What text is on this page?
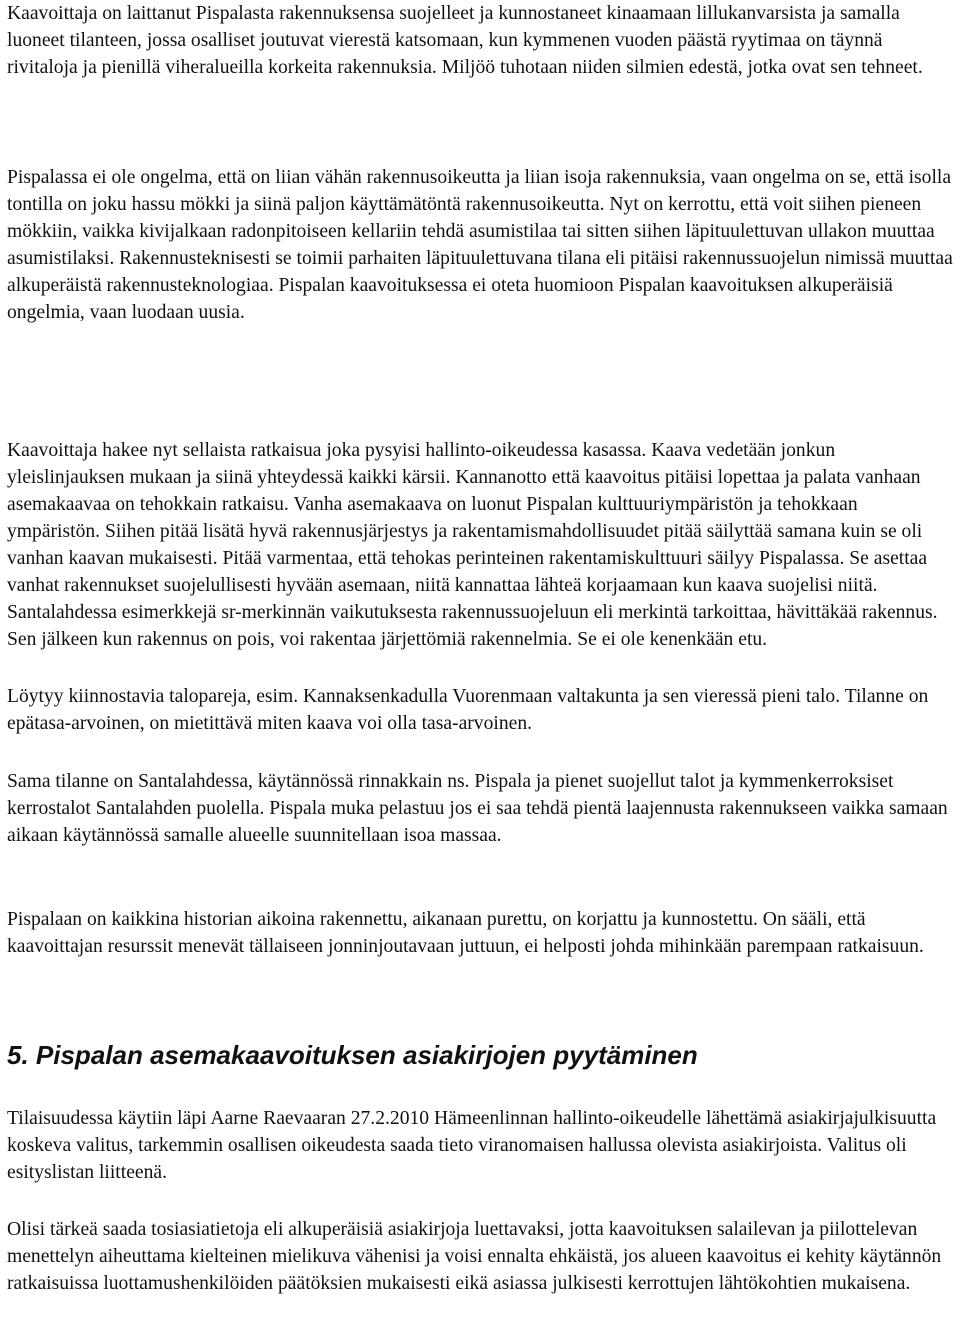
Kaavoittaja on laittanut Pispalasta rakennuksensa suojelleet ja kunnostaneet kinaamaan lillukanvarsista ja samalla luoneet tilanteen, jossa osalliset joutuvat vierestä katsomaan, kun kymmenen vuoden päästä ryytimaa on täynnä rivitaloja ja pienillä viheralueilla korkeita rakennuksia. Miljöö tuhotaan niiden silmien edestä, jotka ovat sen tehneet.

Pispalassa ei ole ongelma, että on liian vähän rakennusoikeutta ja liian isoja rakennuksia, vaan ongelma on se, että isolla tontilla on joku hassu mökki ja siinä paljon käyttämätöntä rakennusoikeutta. Nyt on kerrottu, että voit siihen pieneen mökkiin, vaikka kivijalkaan radonpitoiseen kellariin tehdä asumistilaa tai sitten siihen läpituulettuvan ullakon muuttaa asumistilaksi. Rakennusteknisesti se toimii parhaiten läpituulettuvana tilana eli pitäisi rakennussuojelun nimissä muuttaa alkuperäistä rakennusteknologiaa. Pispalan kaavoituksessa ei oteta huomioon Pispalan kaavoituksen alkuperäisiä ongelmia, vaan luodaan uusia.

Kaavoittaja hakee nyt sellaista ratkaisua joka pysyisi hallinto-oikeudessa kasassa. Kaava vedetään jonkun yleislinjauksen mukaan ja siinä yhteydessä kaikki kärsii. Kannanotto että kaavoitus pitäisi lopettaa ja palata vanhaan asemakaavaa on tehokkain ratkaisu. Vanha asemakaava on luonut Pispalan kulttuuriympäristön ja tehokkaan ympäristön. Siihen pitää lisätä hyvä rakennusjärjestys ja rakentamismahdollisuudet pitää säilyttää samana kuin se oli vanhan kaavan mukaisesti. Pitää varmentaa, että tehokas perinteinen rakentamiskulttuuri säilyy Pispalassa. Se asettaa vanhat rakennukset suojelullisesti hyvään asemaan, niitä kannattaa lähteä korjaamaan kun kaava suojelisi niitä. Santalahdessa esimerkkejä sr-merkinnän vaikutuksesta rakennussuojeluun eli merkintä tarkoittaa, hävittäkää rakennus. Sen jälkeen kun rakennus on pois, voi rakentaa järjettömiä rakennelmia. Se ei ole kenenkään etu.

Löytyy kiinnostavia talopareja, esim. Kannaksenkadulla Vuorenmaan valtakunta ja sen vieressä pieni talo. Tilanne on epätasa-arvoinen, on mietittävä miten kaava voi olla tasa-arvoinen.

Sama tilanne on Santalahdessa, käytännössä rinnakkain ns. Pispala ja pienet suojellut talot ja kymmenkerroksiset kerrostalot Santalahden puolella. Pispala muka pelastuu jos ei saa tehdä pientä laajennusta rakennukseen vaikka samaan aikaan käytännössä samalle alueelle suunnitellaan isoa massaa.

Pispalaan on kaikkina historian aikoina rakennettu, aikanaan purettu, on korjattu ja kunnostettu. On sääli, että kaavoittajan resurssit menevät tällaiseen jonninjoutavaan juttuun, ei helposti johda mihinkään parempaan ratkaisuun.

5. Pispalan asemakaavoituksen asiakirjojen pyytäminen

Tilaisuudessa käytiin läpi Aarne Raevaaran 27.2.2010 Hämeenlinnan hallinto-oikeudelle lähettämä asiakirjajulkisuutta koskeva valitus, tarkemmin osallisen oikeudesta saada tieto viranomaisen hallussa olevista asiakirjoista. Valitus oli esityslistan liitteenä.

Olisi tärkeä saada tosiasiatietoja eli alkuperäisiä asiakirjoja luettavaksi, jotta kaavoituksen salailevan ja piilottelevan menettelyn aiheuttama kielteinen mielikuva vähenisi ja voisi ennalta ehkäistä, jos alueen kaavoitus ei kehity käytännön ratkaisuissa luottamushenkilöiden päätöksien mukaisesti eikä asiassa julkisesti kerrottujen lähtökohtien mukaisena.
